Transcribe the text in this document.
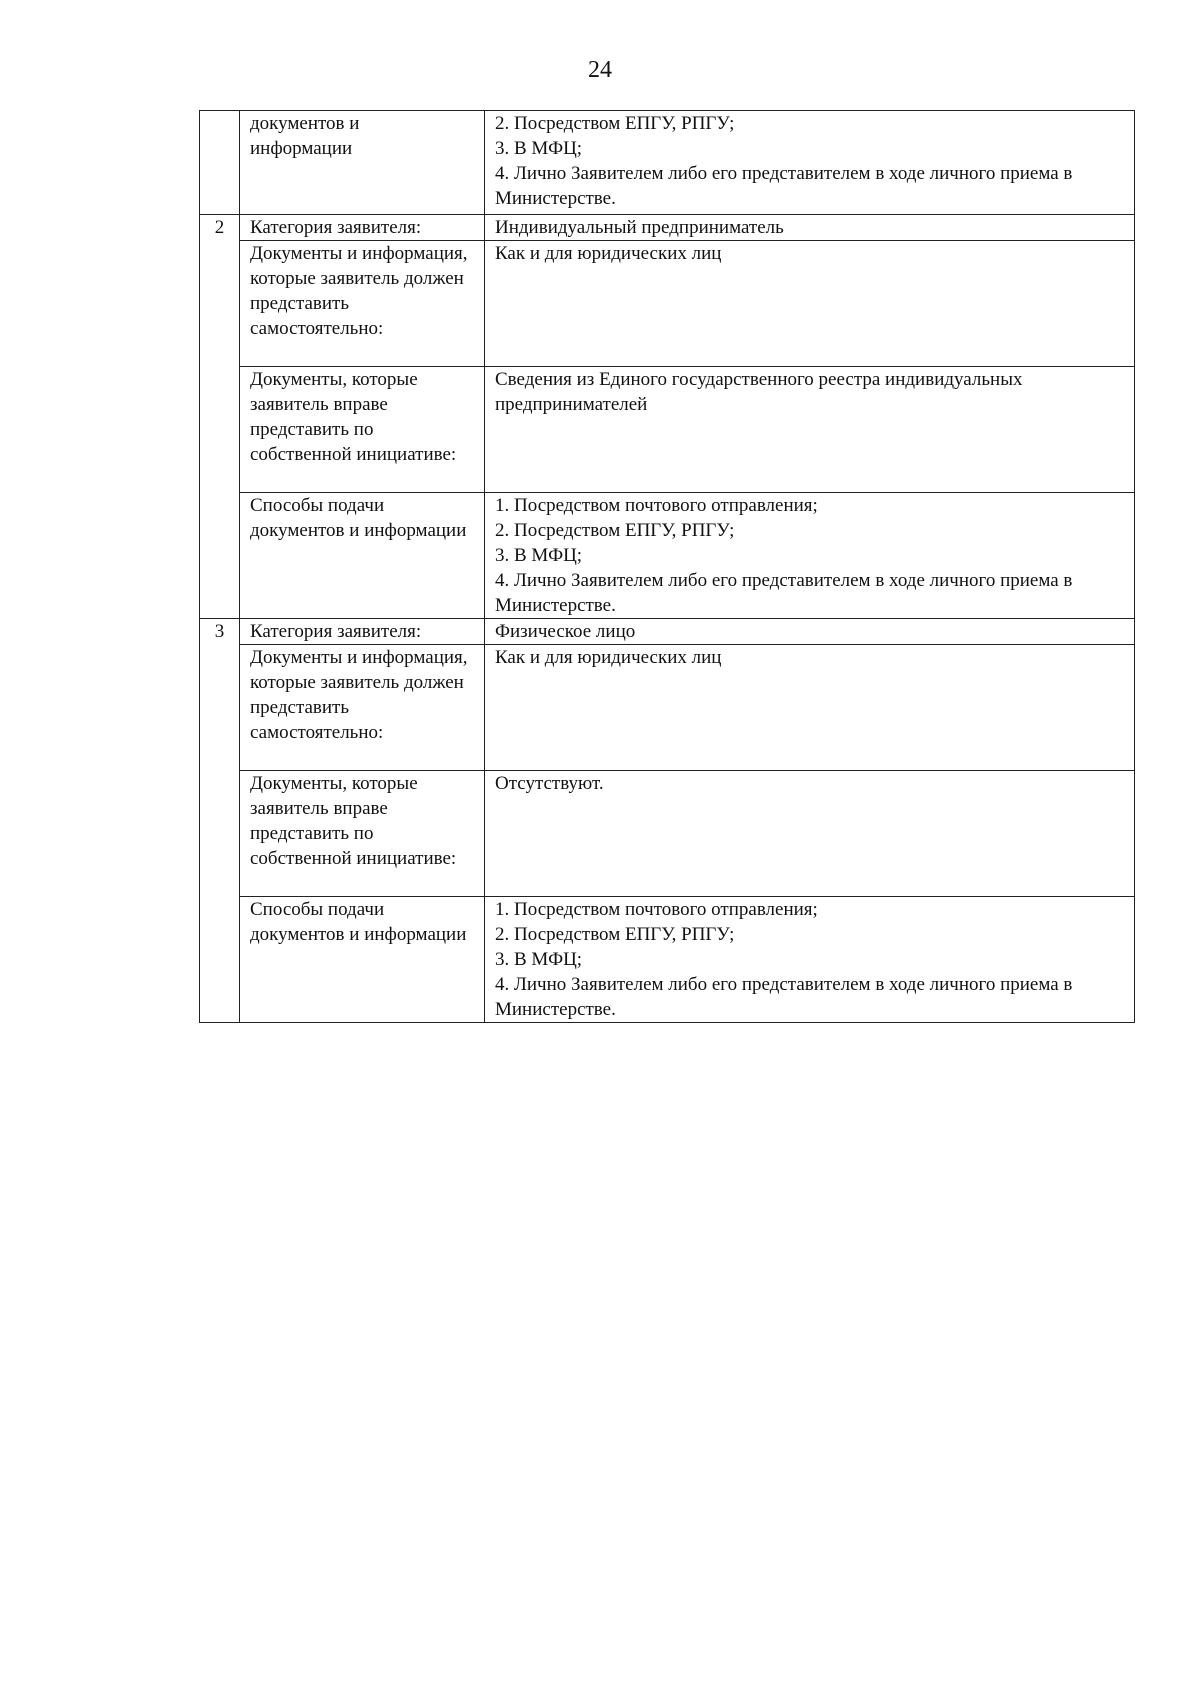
24
	документов и
информации	2. Посредством ЕПГУ, РПГУ;
3. В МФЦ;
4. Лично Заявителем либо его представителем в ходе личного приема в Министерстве.
2	Категория заявителя:	Индивидуальный предприниматель
	Документы и информация, которые заявитель должен представить самостоятельно:	Как и для юридических лиц
	Документы, которые заявитель вправе представить по собственной инициативе:	Сведения из Единого государственного реестра индивидуальных предпринимателей
	Способы подачи документов и информации	1. Посредством почтового отправления;
2. Посредством ЕПГУ, РПГУ;
3. В МФЦ;
4. Лично Заявителем либо его представителем в ходе личного приема в Министерстве.
3	Категория заявителя:	Физическое лицо
	Документы и информация, которые заявитель должен представить самостоятельно:	Как и для юридических лиц
	Документы, которые заявитель вправе представить по собственной инициативе:	Отсутствуют.
	Способы подачи документов и информации	1. Посредством почтового отправления;
2. Посредством ЕПГУ, РПГУ;
3. В МФЦ;
4. Лично Заявителем либо его представителем в ходе личного приема в Министерстве.
